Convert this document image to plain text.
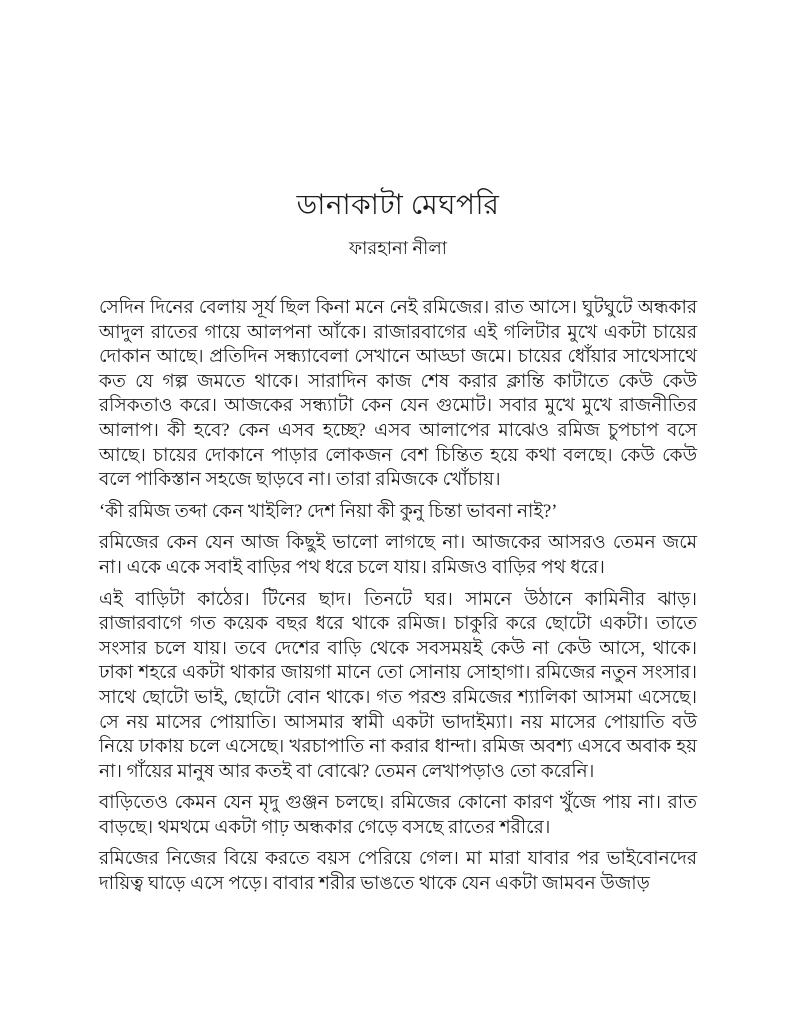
ডানাকাটা মেঘপরি
ফারহানা নীলা

সেদিন দিনের বেলায় সূর্য ছিল কিনা মনে নেই রমিজের। রাত আসে। ঘুটঘুটে অন্ধকার আদুল রাতের গায়ে আলপনা আঁকে। রাজারবাগের এই গলিটার মুখে একটা চায়ের দোকান আছে। প্রতিদিন সন্ধ্যাবেলা সেখানে আড্ডা জমে। চায়ের ধোঁয়ার সাথেসাথে কত যে গল্প জমতে থাকে। সারাদিন কাজ শেষ করার ক্লান্তি কাটাতে কেউ কেউ রসিকতাও করে। আজকের সন্ধ্যাটা কেন যেন গুমোট। সবার মুখে মুখে রাজনীতির আলাপ। কী হবে? কেন এসব হচ্ছে? এসব আলাপের মাঝেও রমিজ চুপচাপ বসে আছে। চায়ের দোকানে পাড়ার লোকজন বেশ চিন্তিত হয়ে কথা বলছে। কেউ কেউ বলে পাকিস্তান সহজে ছাড়বে না। তারা রমিজকে খোঁচায়।

‘কী রমিজ তব্দা কেন খাইলি? দেশ নিয়া কী কুনু চিন্তা ভাবনা নাই?’

রমিজের কেন যেন আজ কিছুই ভালো লাগছে না। আজকের আসরও তেমন জমে না। একে একে সবাই বাড়ির পথ ধরে চলে যায়। রমিজও বাড়ির পথ ধরে।

এই বাড়িটা কাঠের। টিনের ছাদ। তিনটে ঘর। সামনে উঠানে কামিনীর ঝাড়। রাজারবাগে গত কয়েক বছর ধরে থাকে রমিজ। চাকুরি করে ছোটো একটা। তাতে সংসার চলে যায়। তবে দেশের বাড়ি থেকে সবসময়ই কেউ না কেউ আসে, থাকে। ঢাকা শহরে একটা থাকার জায়গা মানে তো সোনায় সোহাগা। রমিজের নতুন সংসার। সাথে ছোটো ভাই, ছোটো বোন থাকে। গত পরশু রমিজের শ্যালিকা আসমা এসেছে। সে নয় মাসের পোয়াতি। আসমার স্বামী একটা ভাদাইম্যা। নয় মাসের পোয়াতি বউ নিয়ে ঢাকায় চলে এসেছে। খরচাপাতি না করার ধান্দা। রমিজ অবশ্য এসবে অবাক হয় না। গাঁয়ের মানুষ আর কতই বা বোঝে? তেমন লেখাপড়াও তো করেনি।

বাড়িতেও কেমন যেন মৃদু গুঞ্জন চলছে। রমিজের কোনো কারণ খুঁজে পায় না। রাত বাড়ছে। থমথমে একটা গাঢ় অন্ধকার গেড়ে বসছে রাতের শরীরে।

রমিজের নিজের বিয়ে করতে বয়স পেরিয়ে গেল। মা মারা যাবার পর ভাইবোনদের দায়িত্ব ঘাড়ে এসে পড়ে। বাবার শরীর ভাঙতে থাকে যেন একটা জামবন উজাড়
